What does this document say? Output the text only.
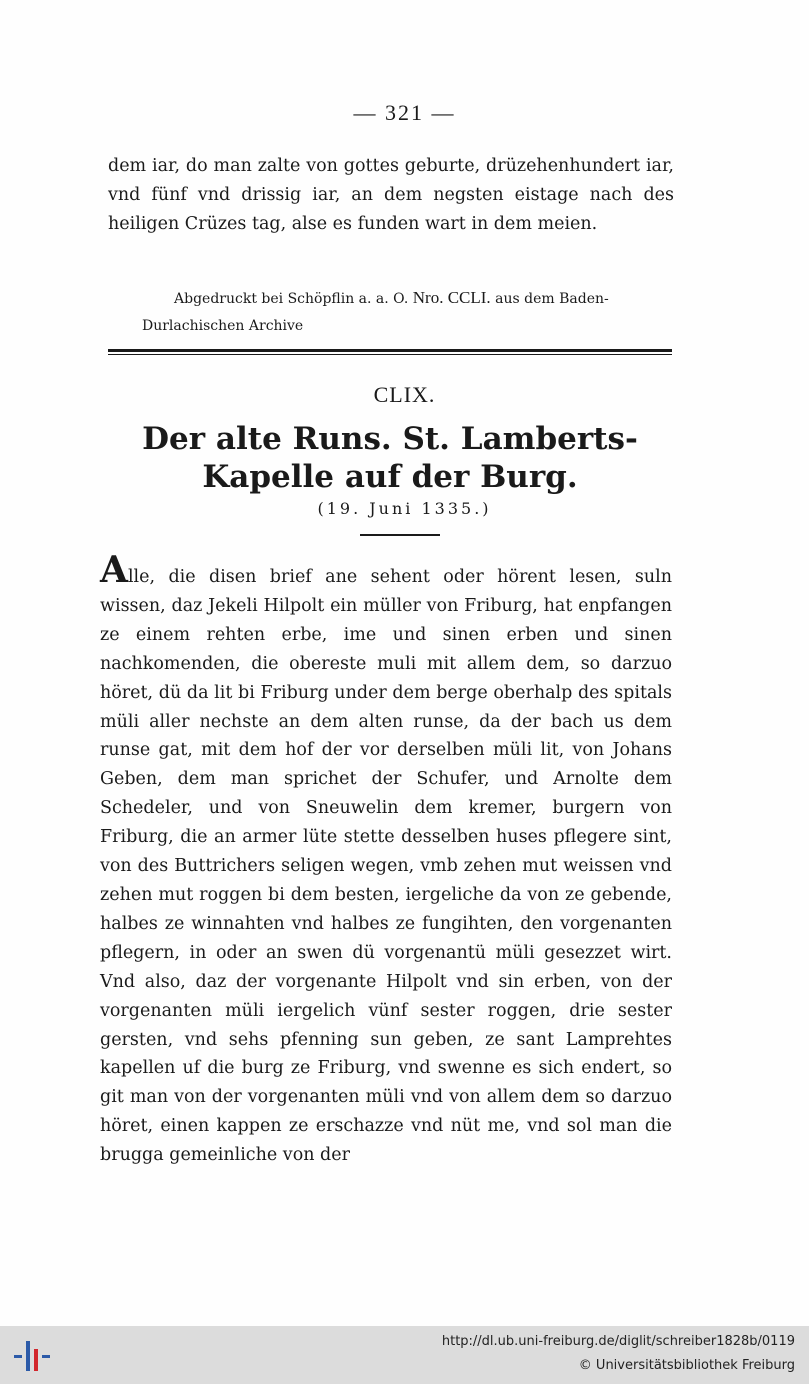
— 321 —

dem iar, do man zalte von gottes geburte, drüzehenhundert iar, vnd fünf vnd drissig iar, an dem negsten eistage nach des heiligen Crüzes tag, alse es funden wart in dem meien.

Abgedruckt bei Schöpflin a. a. O. Nro. CCLI. aus dem Baden-Durlachischen Archive

CLIX.
Der alte Runs. St. Lamberts-Kapelle auf der Burg.
(19. Juni 1335.)

Alle, die disen brief ane sehent oder hörent lesen, suln wissen, daz Jekeli Hilpolt ein müller von Friburg, hat enpfangen ze einem rehten erbe, ime und sinen erben und sinen nachkomenden, die obereste muli mit allem dem, so darzuo höret, dü da lit bi Friburg under dem berge oberhalp des spitals müli aller nechste an dem alten runse, da der bach us dem runse gat, mit dem hof der vor derselben müli lit, von Johans Geben, dem man sprichet der Schufer, und Arnolte dem Schedeler, und von Sneuwelin dem kremer, burgern von Friburg, die an armer lüte stette desselben huses pflegere sint, von des Buttrichers seligen wegen, vmb zehen mut weissen vnd zehen mut roggen bi dem besten, iergeliche da von ze gebende, halbes ze winnahten vnd halbes ze fungihten, den vorgenanten pflegern, in oder an swen dü vorgenantü müli gesezzet wirt. Vnd also, daz der vorgenante Hilpolt vnd sin erben, von der vorgenanten müli iergelich vünf sester roggen, drie sester gersten, vnd sehs pfenning sun geben, ze sant Lamprehtes kapellen uf die burg ze Friburg, vnd swenne es sich endert, so git man von der vorgenanten müli vnd von allem dem so darzuo höret, einen kappen ze erschazze vnd nüt me, vnd sol man die brugga gemeinliche von der

http://dl.ub.uni-freiburg.de/diglit/schreiber1828b/0119
© Universitätsbibliothek Freiburg
